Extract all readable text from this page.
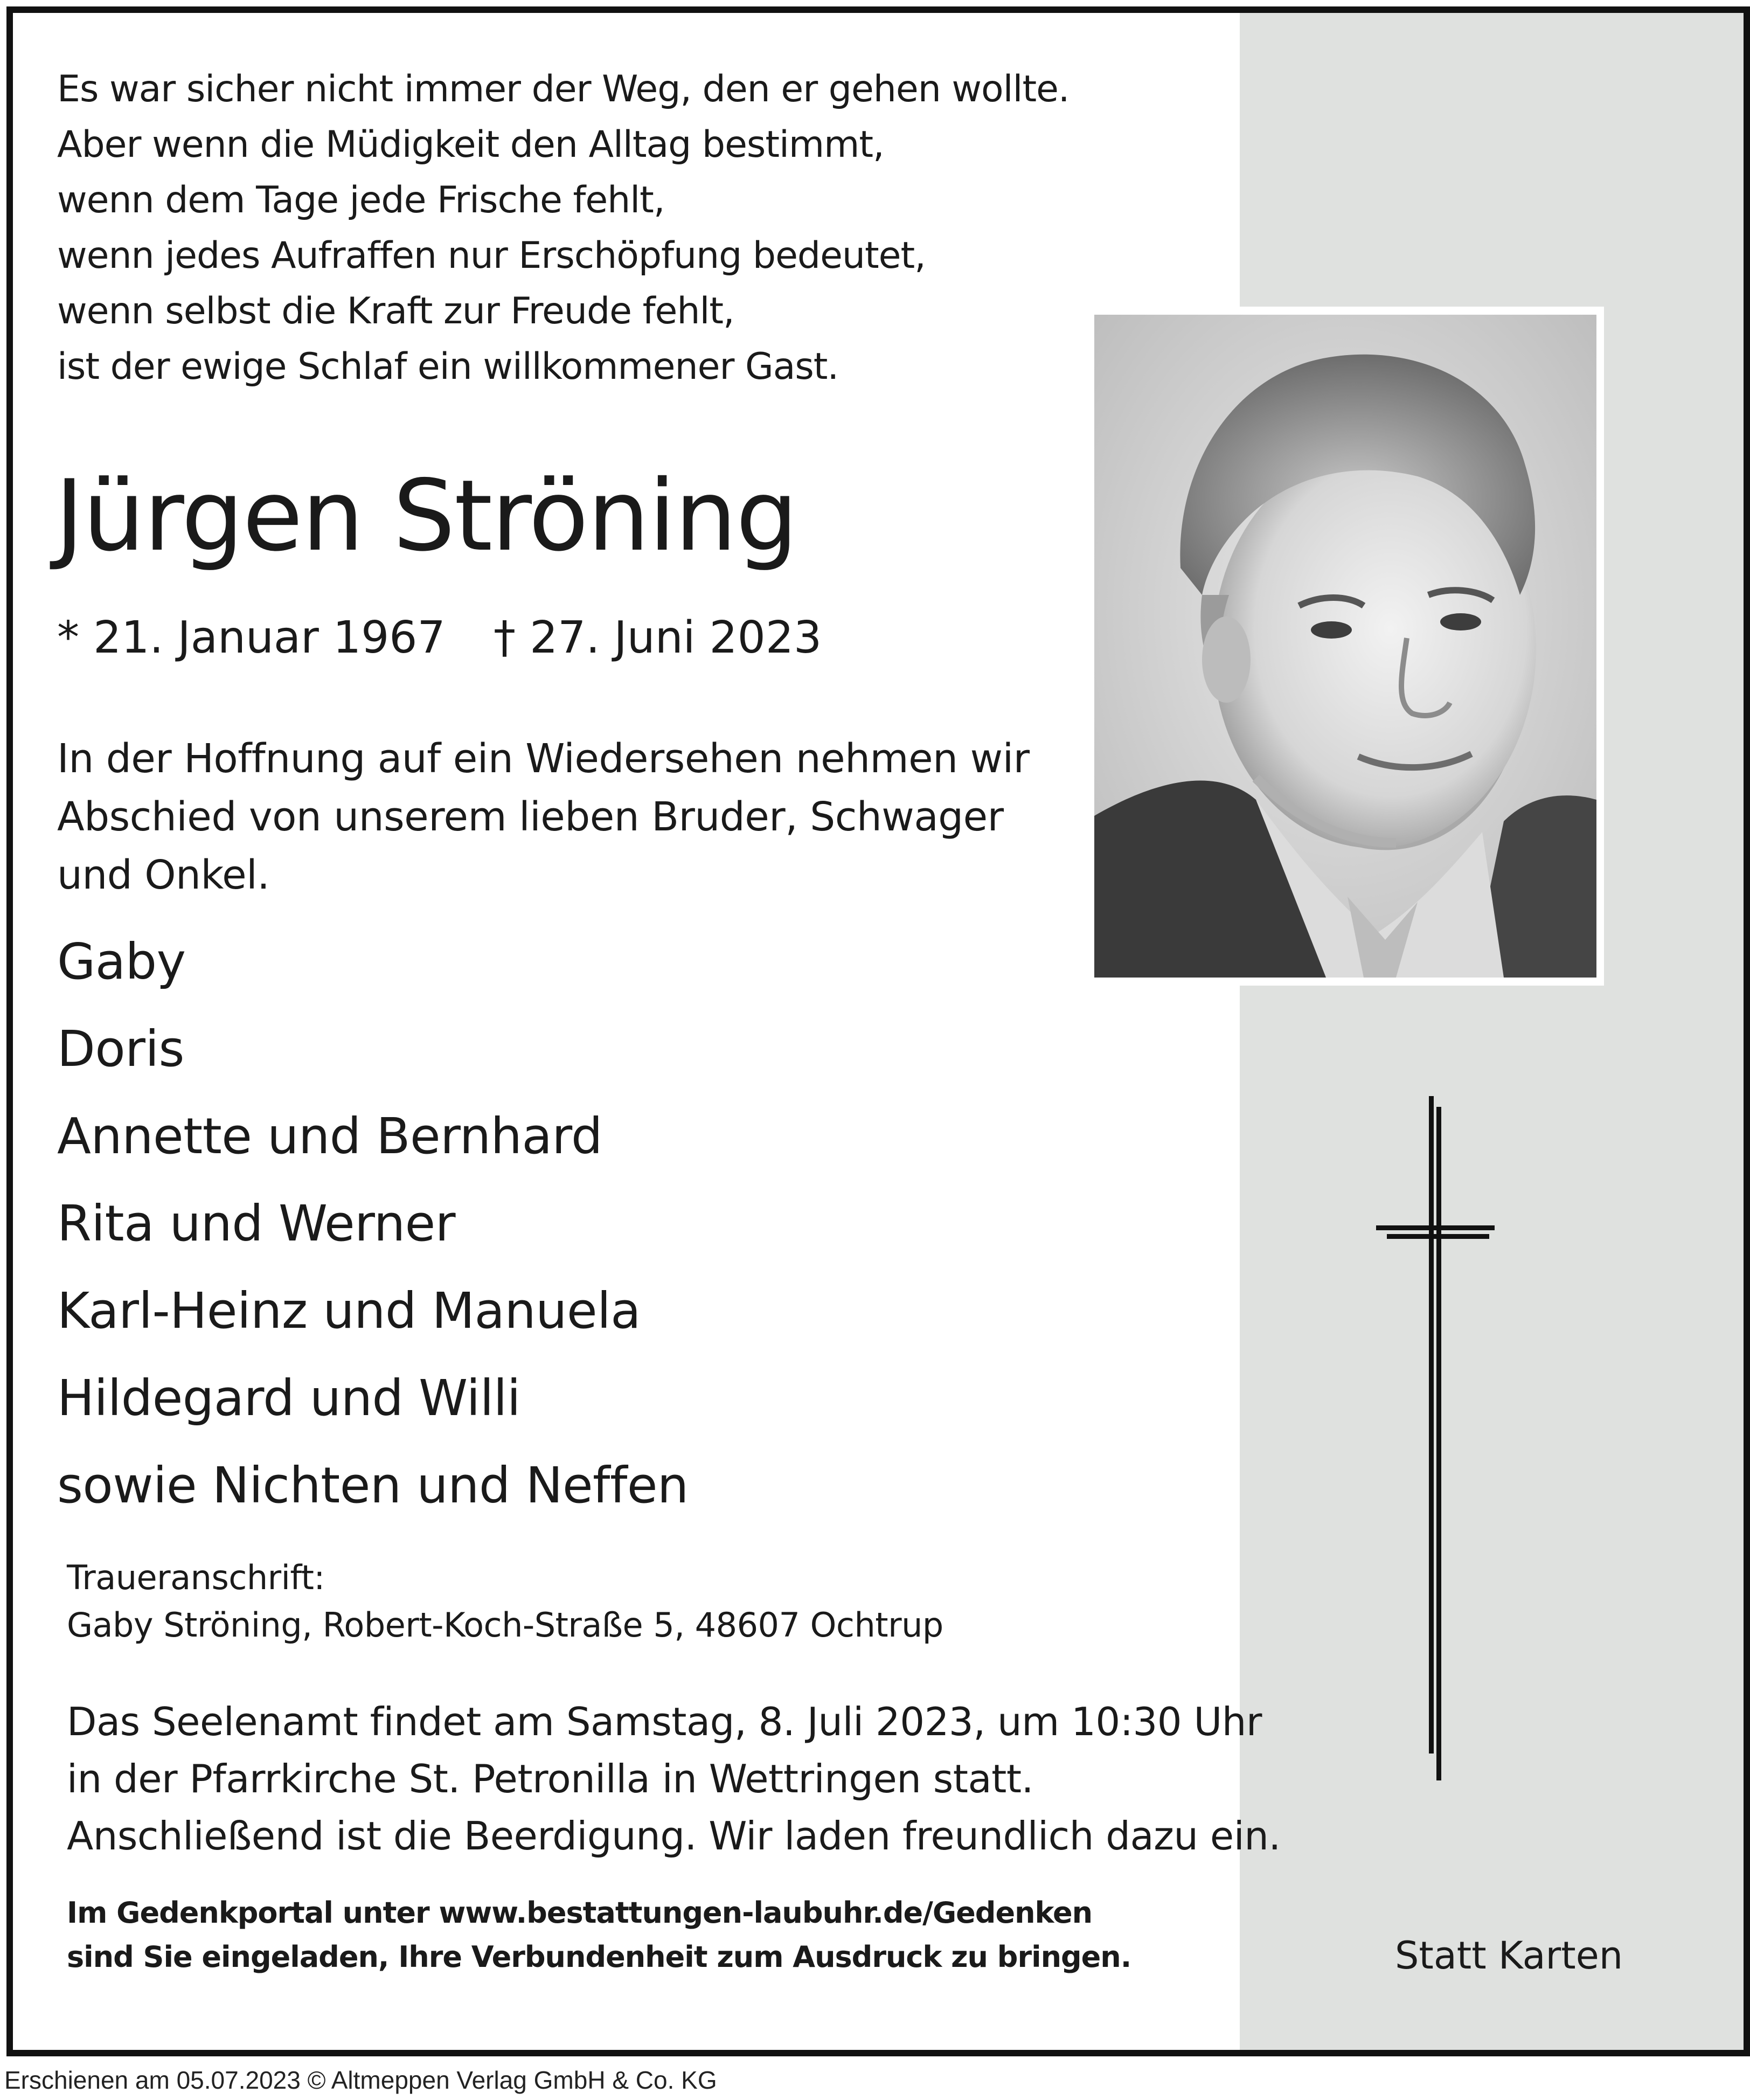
Es war sicher nicht immer der Weg, den er gehen wollte.
Aber wenn die Müdigkeit den Alltag bestimmt,
wenn dem Tage jede Frische fehlt,
wenn jedes Aufraffen nur Erschöpfung bedeutet,
wenn selbst die Kraft zur Freude fehlt,
ist der ewige Schlaf ein willkommener Gast.
Jürgen Ströning
* 21. Januar 1967 † 27. Juni 2023
In der Hoffnung auf ein Wiedersehen nehmen wir
Abschied von unserem lieben Bruder, Schwager
und Onkel.
Gaby
Doris
Annette und Bernhard
Rita und Werner
Karl-Heinz und Manuela
Hildegard und Willi
sowie Nichten und Neffen
Traueranschrift:
Gaby Ströning, Robert-Koch-Straße 5, 48607 Ochtrup
Das Seelenamt findet am Samstag, 8. Juli 2023, um 10:30 Uhr
in der Pfarrkirche St. Petronilla in Wettringen statt.
Anschließend ist die Beerdigung. Wir laden freundlich dazu ein.
Im Gedenkportal unter www.bestattungen-laubuhr.de/Gedenken
sind Sie eingeladen, Ihre Verbundenheit zum Ausdruck zu bringen.	Statt Karten
Erschienen am 05.07.2023 © Altmeppen Verlag GmbH & Co. KG
